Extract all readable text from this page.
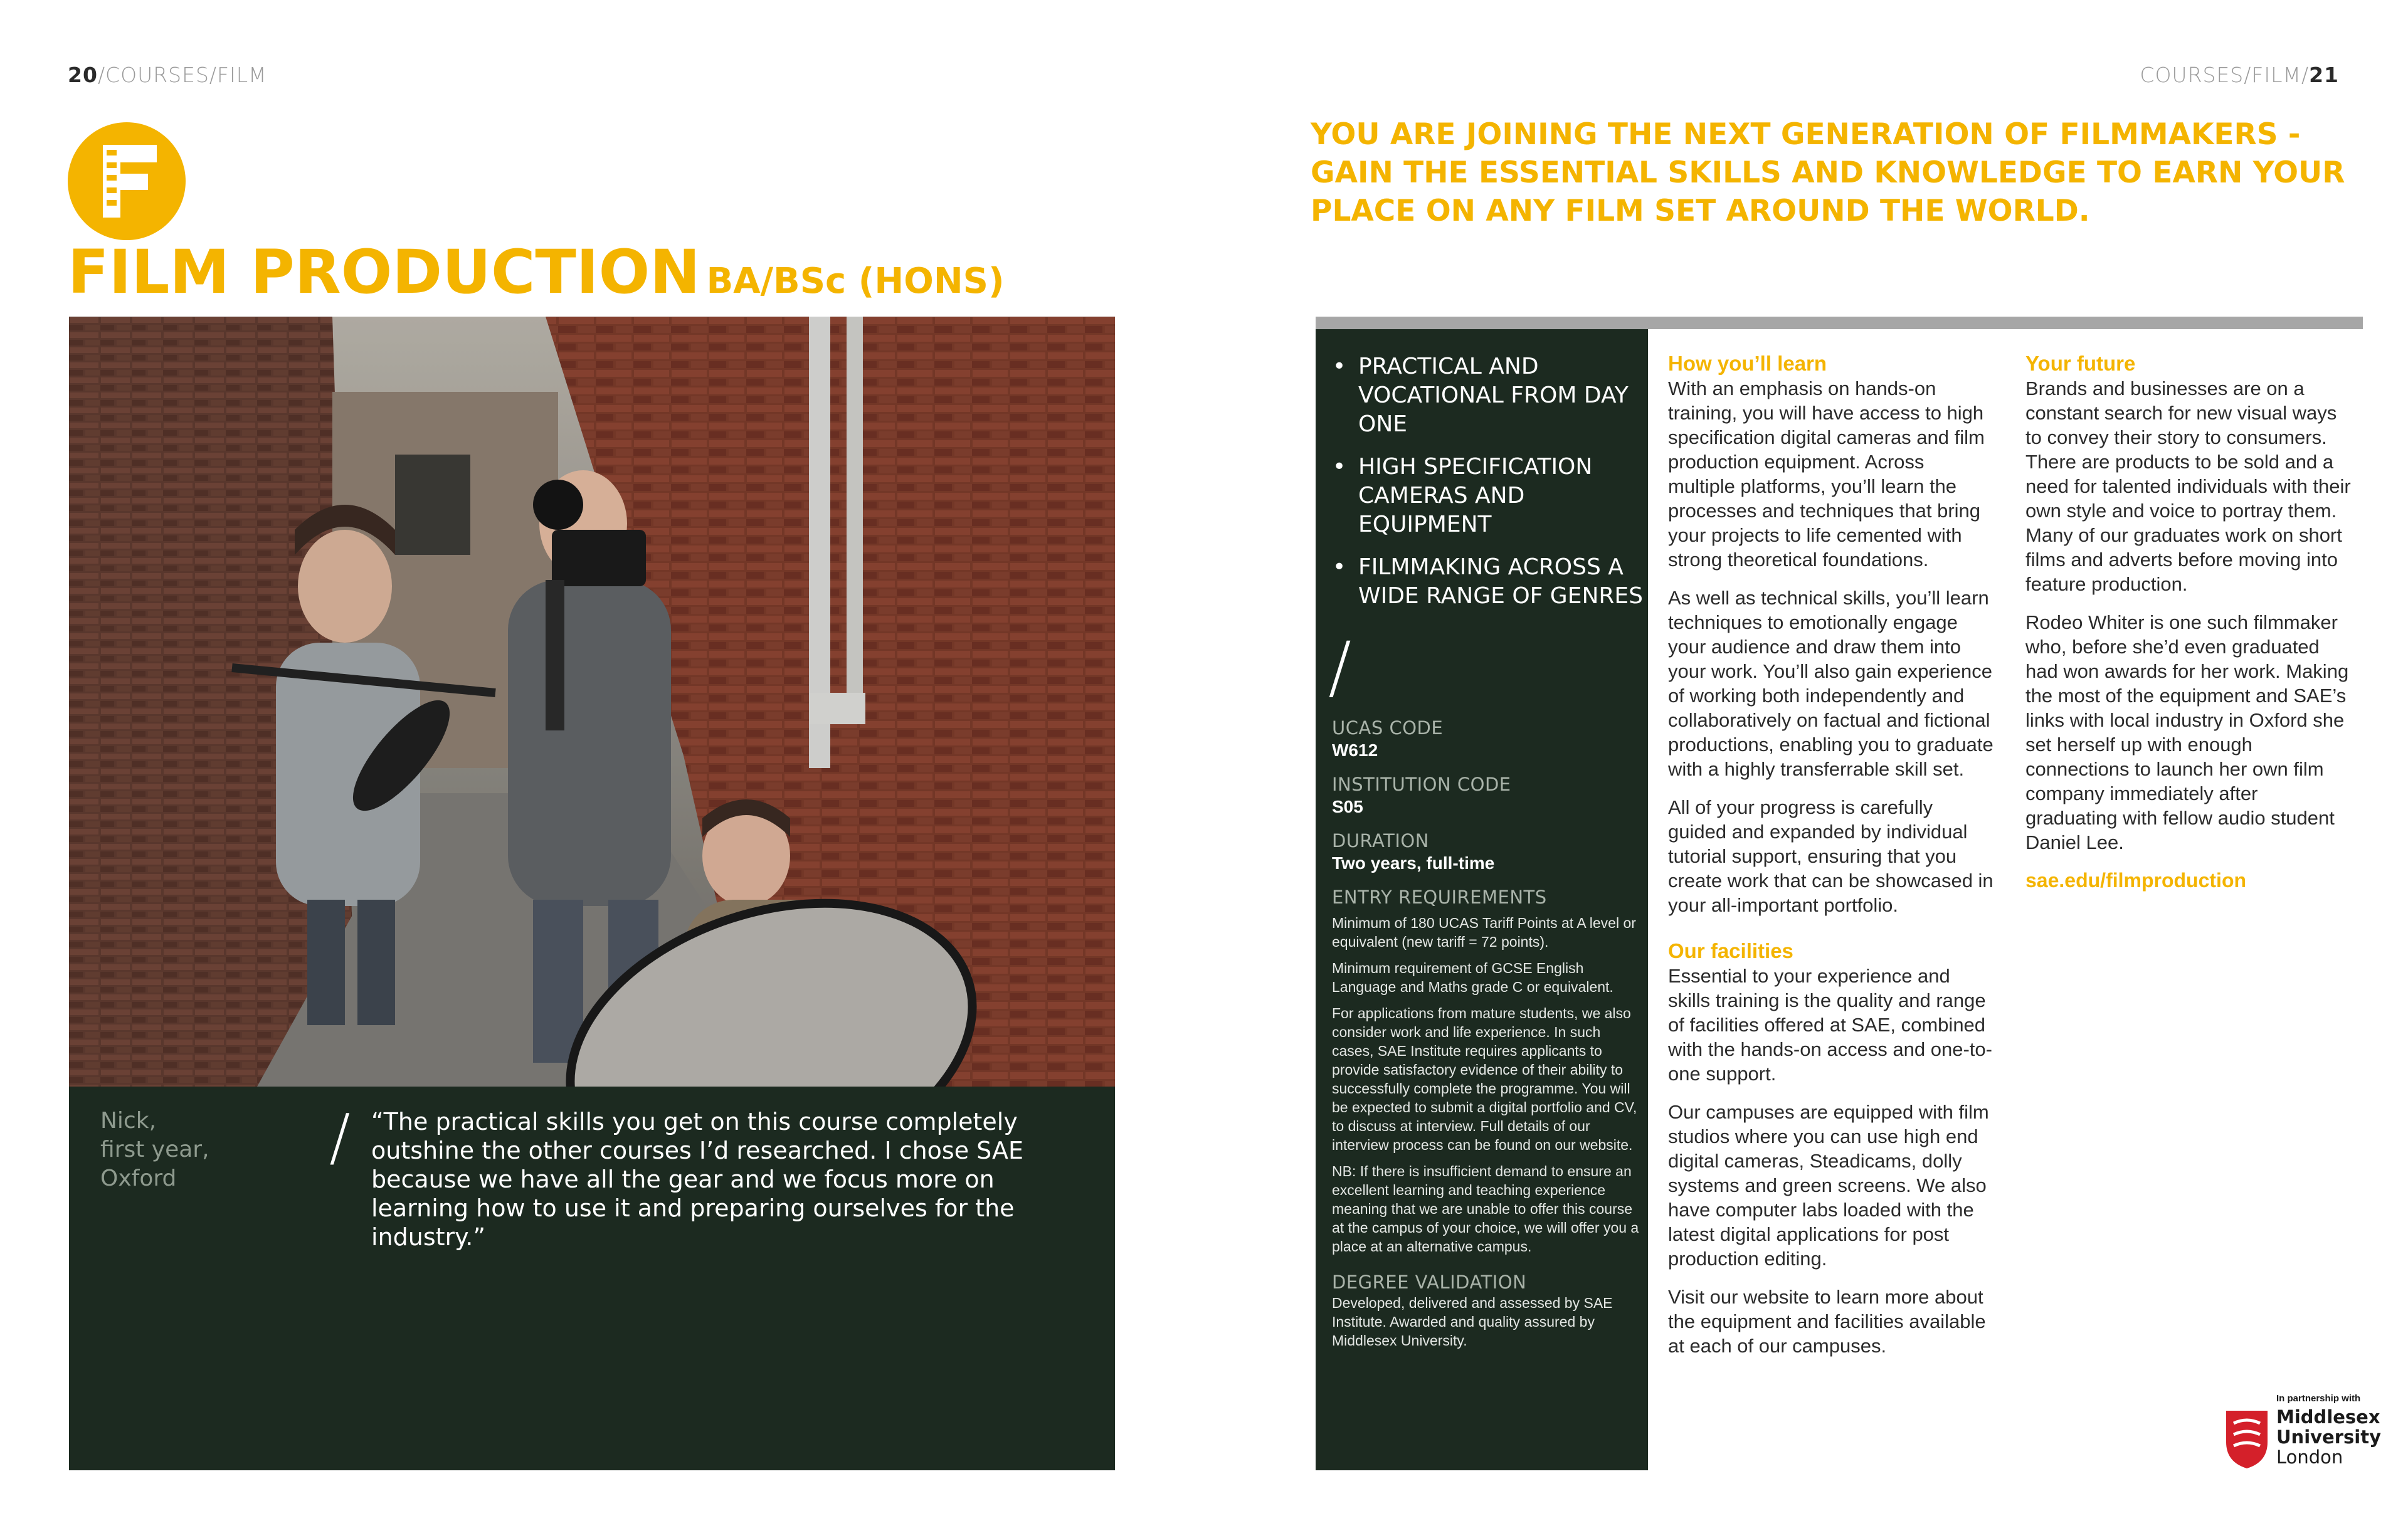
20/COURSES/FILM	COURSES/FILM/21
FILM PRODUCTION BA/BSc (HONS)
YOU ARE JOINING THE NEXT GENERATION OF FILMMAKERS - GAIN THE ESSENTIAL SKILLS AND KNOWLEDGE TO EARN YOUR PLACE ON ANY FILM SET AROUND THE WORLD.
Nick,
first year,
Oxford
/ “The practical skills you get on this course completely outshine the other courses I’d researched. I chose SAE because we have all the gear and we focus more on learning how to use it and preparing ourselves for the industry.”
• PRACTICAL AND VOCATIONAL FROM DAY ONE
• HIGH SPECIFICATION CAMERAS AND EQUIPMENT
• FILMMAKING ACROSS A WIDE RANGE OF GENRES
/
UCAS CODE
W612
INSTITUTION CODE
S05
DURATION
Two years, full-time
ENTRY REQUIREMENTS

Minimum of 180 UCAS Tariff Points at A level or equivalent (new tariff = 72 points).

Minimum requirement of GCSE English Language and Maths grade C or equivalent.

For applications from mature students, we also consider work and life experience. In such cases, SAE Institute requires applicants to provide satisfactory evidence of their ability to successfully complete the programme. You will be expected to submit a digital portfolio and CV, to discuss at interview. Full details of our interview process can be found on our website.

NB: If there is insufficient demand to ensure an excellent learning and teaching experience meaning that we are unable to offer this course at the campus of your choice, we will offer you a place at an alternative campus.

DEGREE VALIDATION

Developed, delivered and assessed by SAE Institute. Awarded and quality assured by Middlesex University.

How you’ll learn

With an emphasis on hands-on training, you will have access to high specification digital cameras and film production equipment. Across multiple platforms, you’ll learn the processes and techniques that bring your projects to life cemented with strong theoretical foundations.

As well as technical skills, you’ll learn techniques to emotionally engage your audience and draw them into your work. You’ll also gain experience of working both independently and collaboratively on factual and fictional productions, enabling you to graduate with a highly transferrable skill set.

All of your progress is carefully guided and expanded by individual tutorial support, ensuring that you create work that can be showcased in your all-important portfolio.

Our facilities

Essential to your experience and skills training is the quality and range of facilities offered at SAE, combined with the hands-on access and one-to-one support.

Our campuses are equipped with film studios where you can use high end digital cameras, Steadicams, dolly systems and green screens. We also have computer labs loaded with the latest digital applications for post production editing.

Visit our website to learn more about the equipment and facilities available at each of our campuses.

Your future

Brands and businesses are on a constant search for new visual ways to convey their story to consumers. There are products to be sold and a need for talented individuals with their own style and voice to portray them. Many of our graduates work on short films and adverts before moving into feature production.

Rodeo Whiter is one such filmmaker who, before she’d even graduated had won awards for her work. Making the most of the equipment and SAE’s links with local industry in Oxford she set herself up with enough connections to launch her own film company immediately after graduating with fellow audio student Daniel Lee.

sae.edu/filmproduction
In partnership with
Middlesex
University
London
